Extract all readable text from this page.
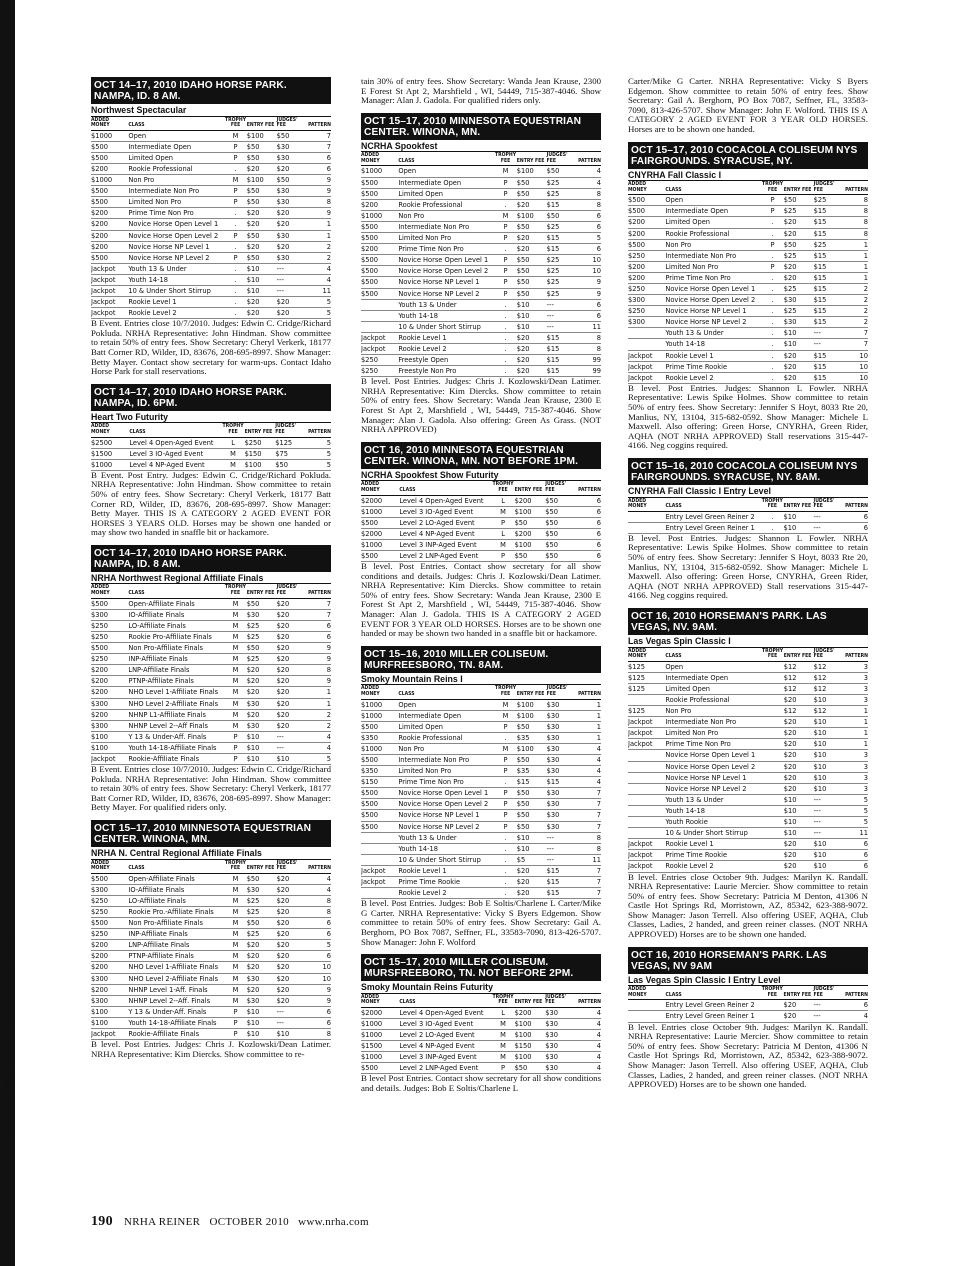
SHOW APPROVALS
OCT 14–17, 2010 IDAHO HORSE PARK. NAMPA, ID. 8 AM.
Northwest Spectacular
ADDED MONEY	CLASS	TROPHY FEE	ENTRY FEE	JUDGES' FEE	PATTERN
$1000	Open	M	$100	$50	7
$500	Intermediate Open	P	$50	$30	7
$500	Limited Open	P	$50	$30	6
$200	Rookie Professional	.	$20	$20	6
$1000	Non Pro	M	$100	$50	9
$500	Intermediate Non Pro	P	$50	$30	9
$500	Limited Non Pro	P	$50	$30	8
$200	Prime Time Non Pro	.	$20	$20	9
$200	Novice Horse Open Level 1	.	$20	$20	1
$200	Novice Horse Open Level 2	P	$50	$30	1
$200	Novice Horse NP Level 1	.	$20	$20	2
$500	Novice Horse NP Level 2	P	$50	$30	2
Jackpot	Youth 13 & Under	.	$10	---	4
Jackpot	Youth 14-18	.	$10	---	4
Jackpot	10 & Under Short Stirrup	.	$10	---	11
Jackpot	Rookie Level 1	.	$20	$20	5
Jackpot	Rookie Level 2	.	$20	$20	5

B Event. Entries close 10/7/2010. Judges: Edwin C. Cridge/Richard Pokluda. NRHA Representative: John Hindman. Show committee to retain 50% of entry fees. Show Secretary: Cheryl Verkerk, 18177 Batt Corner RD, Wilder, ID, 83676, 208-695-8997. Show Manager: Betty Mayer. Contact show secretary for warm-ups. Contact Idaho Horse Park for stall reservations.

OCT 14–17, 2010 IDAHO HORSE PARK. NAMPA, ID. 6PM.
Heart Two Futurity
ADDED MONEY	CLASS	TROPHY FEE	ENTRY FEE	JUDGES' FEE	PATTERN
$2500	Level 4 Open-Aged Event	L	$250	$125	5
$1500	Level 3 IO-Aged Event	M	$150	$75	5
$1000	Level 4 NP-Aged Event	M	$100	$50	5

B Event. Post Entry. Judges: Edwin C. Cridge/Richard Pokluda. NRHA Representative: John Hindman. Show committee to retain 50% of entry fees. Show Secretary: Cheryl Verkerk, 18177 Batt Corner RD, Wilder, ID, 83676, 208-695-8997. Show Manager: Betty Mayer. THIS IS A CATEGORY 2 AGED EVENT FOR HORSES 3 YEARS OLD. Horses may be shown one handed or may show two handed in snaffle bit or hackamore.

OCT 14–17, 2010 IDAHO HORSE PARK. NAMPA, ID. 8 AM.
NRHA Northwest Regional Affiliate Finals
ADDED MONEY	CLASS	TROPHY FEE	ENTRY FEE	JUDGES' FEE	PATTERN
$500	Open-Affiliate Finals	M	$50	$20	7
$300	IO-Affiliate Finals	M	$30	$20	7
$250	LO-Affiliate Finals	M	$25	$20	6
$250	Rookie Pro-Affiliate Finals	M	$25	$20	6
$500	Non Pro-Affiliate Finals	M	$50	$20	9
$250	INP-Affiliate Finals	M	$25	$20	9
$200	LNP-Affiliate Finals	M	$20	$20	8
$200	PTNP-Affiliate Finals	M	$20	$20	9
$200	NHO Level 1-Affiliate Finals	M	$20	$20	1
$300	NHO Level 2-Affiliate Finals	M	$30	$20	1
$200	NHNP L1-Affiliate Finals	M	$20	$20	2
$300	NHNP Level 2--Aff Finals	M	$30	$20	2
$100	Y 13 & Under-Aff. Finals	P	$10	---	4
$100	Youth 14-18-Affiliate Finals	P	$10	---	4
Jackpot	Rookie-Affiliate Finals	P	$10	$10	5

B Event. Entries close 10/7/2010. Judges: Edwin C. Cridge/Richard Pokluda. NRHA Representative: John Hindman. Show committee to retain 30% of entry fees. Show Secretary: Cheryl Verkerk, 18177 Batt Corner RD, Wilder, ID, 83676, 208-695-8997. Show Manager: Betty Mayer. For qualified riders only.

OCT 15–17, 2010 MINNESOTA EQUESTRIAN CENTER. WINONA, MN.
NRHA N. Central Regional Affiliate Finals
ADDED MONEY	CLASS	TROPHY FEE	ENTRY FEE	JUDGES' FEE	PATTERN
$500	Open-Affiliate Finals	M	$50	$20	4
$300	IO-Affiliate Finals	M	$30	$20	4
$250	LO-Affiliate Finals	M	$25	$20	8
$250	Rookie Pro.-Affiliate Finals	M	$25	$20	8
$500	Non Pro-Affiliate Finals	M	$50	$20	6
$250	INP-Affiliate Finals	M	$25	$20	6
$200	LNP-Affiliate Finals	M	$20	$20	5
$200	PTNP-Affiliate Finals	M	$20	$20	6
$200	NHO Level 1-Affiliate Finals	M	$20	$20	10
$300	NHO Level 2-Affiliate Finals	M	$30	$20	10
$200	NHNP Level 1-Aff. Finals	M	$20	$20	9
$300	NHNP Level 2--Aff. Finals	M	$30	$20	9
$100	Y 13 & Under-Aff. Finals	P	$10	---	6
$100	Youth 14-18-Affiliate Finals	P	$10	---	6
Jackpot	Rookie-Affiliate Finals	P	$10	$10	8

B level. Post Entries. Judges: Chris J. Kozlowski/Dean Latimer. NRHA Representative: Kim Diercks. Show committee to re-

tain 30% of entry fees. Show Secretary: Wanda Jean Krause, 2300 E Forest St Apt 2, Marshfield , WI, 54449, 715-387-4046. Show Manager: Alan J. Gadola. For qualified riders only.

OCT 15–17, 2010 MINNESOTA EQUESTRIAN CENTER. WINONA, MN.
NCRHA Spookfest
ADDED MONEY	CLASS	TROPHY FEE	ENTRY FEE	JUDGES' FEE	PATTERN
$1000	Open	M	$100	$50	4
$500	Intermediate Open	P	$50	$25	4
$500	Limited Open	P	$50	$25	8
$200	Rookie Professional	.	$20	$15	8
$1000	Non Pro	M	$100	$50	6
$500	Intermediate Non Pro	P	$50	$25	6
$500	Limited Non Pro	P	$20	$15	5
$200	Prime Time Non Pro	.	$20	$15	6
$500	Novice Horse Open Level 1	P	$50	$25	10
$500	Novice Horse Open Level 2	P	$50	$25	10
$500	Novice Horse NP Level 1	P	$50	$25	9
$500	Novice Horse NP Level 2	P	$50	$25	9
	Youth 13 & Under	.	$10	---	6
	Youth 14-18	.	$10	---	6
	10 & Under Short Stirrup	.	$10	---	11
Jackpot	Rookie Level 1	.	$20	$15	8
Jackpot	Rookie Level 2	.	$20	$15	8
$250	Freestyle Open	.	$20	$15	99
$250	Freestyle Non Pro	.	$20	$15	99

B level. Post Entries. Judges: Chris J. Kozlowski/Dean Latimer. NRHA Representative: Kim Diercks. Show committee to retain 50% of entry fees. Show Secretary: Wanda Jean Krause, 2300 E Forest St Apt 2, Marshfield , WI, 54449, 715-387-4046. Show Manager: Alan J. Gadola. Also offering: Green As Grass. (NOT NRHA APPROVED)

OCT 16, 2010 MINNESOTA EQUESTRIAN CENTER. WINONA, MN. NOT BEFORE 1PM.
NCRHA Spookfest Show Futurity
ADDED MONEY	CLASS	TROPHY FEE	ENTRY FEE	JUDGES' FEE	PATTERN
$2000	Level 4 Open-Aged Event	L	$200	$50	6
$1000	Level 3 IO-Aged Event	M	$100	$50	6
$500	Level 2 LO-Aged Event	P	$50	$50	6
$2000	Level 4 NP-Aged Event	L	$200	$50	6
$1000	Level 3 INP-Aged Event	M	$100	$50	6
$500	Level 2 LNP-Aged Event	P	$50	$50	6

B level. Post Entries. Contact show secretary for all show conditions and details. Judges: Chris J. Kozlowski/Dean Latimer. NRHA Representative: Kim Diercks. Show committee to retain 50% of entry fees. Show Secretary: Wanda Jean Krause, 2300 E Forest St Apt 2, Marshfield , WI, 54449, 715-387-4046. Show Manager: Alan J. Gadola. THIS IS A CATEGORY 2 AGED EVENT FOR 3 YEAR OLD HORSES. Horses are to be shown one handed or may be shown two handed in a snaffle bit or hackamore.

OCT 15–16, 2010 MILLER COLISEUM. MURFREESBORO, TN. 8AM.
Smoky Mountain Reins I
ADDED MONEY	CLASS	TROPHY FEE	ENTRY FEE	JUDGES' FEE	PATTERN
$1000	Open	M	$100	$30	1
$1000	Intermediate Open	M	$100	$30	1
$500	Limited Open	P	$50	$30	1
$350	Rookie Professional	.	$35	$30	1
$1000	Non Pro	M	$100	$30	4
$500	Intermediate Non Pro	P	$50	$30	4
$350	Limited Non Pro	P	$35	$30	4
$150	Prime Time Non Pro	.	$15	$15	4
$500	Novice Horse Open Level 1	P	$50	$30	7
$500	Novice Horse Open Level 2	P	$50	$30	7
$500	Novice Horse NP Level 1	P	$50	$30	7
$500	Novice Horse NP Level 2	P	$50	$30	7
	Youth 13 & Under	.	$10	---	8
	Youth 14-18	.	$10	---	8
	10 & Under Short Stirrup	.	$5	---	11
Jackpot	Rookie Level 1	.	$20	$15	7
Jackpot	Prime Time Rookie	.	$20	$15	7
	Rookie Level 2	.	$20	$15	7

B level. Post Entries. Judges: Bob E Soltis/Charlene L Carter/Mike G Carter. NRHA Representative: Vicky S Byers Edgemon. Show committee to retain 50% of entry fees. Show Secretary: Gail A. Berghorn, PO Box 7087, Seffner, FL, 33583-7090, 813-426-5707. Show Manager: John F. Wolford

OCT 15–17, 2010 MILLER COLISEUM. MURSFREEBORO, TN. NOT BEFORE 2PM.
Smoky Mountain Reins Futurity
ADDED MONEY	CLASS	TROPHY FEE	ENTRY FEE	JUDGES' FEE	PATTERN
$2000	Level 4 Open-Aged Event	L	$200	$30	4
$1000	Level 3 IO-Aged Event	M	$100	$30	4
$1000	Level 2 LO-Aged Event	M	$100	$30	4
$1500	Level 4 NP-Aged Event	M	$150	$30	4
$1000	Level 3 INP-Aged Event	M	$100	$30	4
$500	Level 2 LNP-Aged Event	P	$50	$30	4

B level Post Entries. Contact show secretary for all show conditions and details. Judges: Bob E Soltis/Charlene L

Carter/Mike G Carter. NRHA Representative: Vicky S Byers Edgemon. Show committee to retain 50% of entry fees. Show Secretary: Gail A. Berghorn, PO Box 7087, Seffner, FL, 33583-7090, 813-426-5707. Show Manager: John F. Wolford. THIS IS A CATEGORY 2 AGED EVENT FOR 3 YEAR OLD HORSES. Horses are to be shown one handed.

OCT 15–17, 2010 COCACOLA COLISEUM NYS FAIRGROUNDS. SYRACUSE, NY.
CNYRHA Fall Classic I
ADDED MONEY	CLASS	TROPHY FEE	ENTRY FEE	JUDGES' FEE	PATTERN
$500	Open	P	$50	$25	8
$500	Intermediate Open	P	$25	$15	8
$200	Limited Open	.	$20	$15	8
$200	Rookie Professional	.	$20	$15	8
$500	Non Pro	P	$50	$25	1
$250	Intermediate Non Pro	.	$25	$15	1
$200	Limited Non Pro	P	$20	$15	1
$200	Prime Time Non Pro	.	$20	$15	1
$250	Novice Horse Open Level 1	.	$25	$15	2
$300	Novice Horse Open Level 2	.	$30	$15	2
$250	Novice Horse NP Level 1	.	$25	$15	2
$300	Novice Horse NP Level 2	.	$30	$15	2
	Youth 13 & Under	.	$10	---	7
	Youth 14-18	.	$10	---	7
Jackpot	Rookie Level 1	.	$20	$15	10
Jackpot	Prime Time Rookie	.	$20	$15	10
Jackpot	Rookie Level 2	.	$20	$15	10

B level. Post Entries. Judges: Shannon L Fowler. NRHA Representative: Lewis Spike Holmes. Show committee to retain 50% of entry fees. Show Secretary: Jennifer S Hoyt, 8033 Rte 20, Manlius, NY, 13104, 315-682-0592. Show Manager: Michele L Maxwell. Also offering: Green Horse, CNYRHA, Green Rider, AQHA (NOT NRHA APPROVED) Stall reservations 315-447-4166. Neg coggins required.

OCT 15–16, 2010 COCACOLA COLISEUM NYS FAIRGROUNDS. SYRACUSE, NY. 8AM.
CNYRHA Fall Classic I Entry Level
ADDED MONEY	CLASS	TROPHY FEE	ENTRY FEE	JUDGES' FEE	PATTERN
	Entry Level Green Reiner 2	.	$10	---	6
	Entry Level Green Reiner 1	.	$10	---	6

B level. Post Entries. Judges: Shannon L Fowler. NRHA Representative: Lewis Spike Holmes. Show committee to retain 50% of entry fees. Show Secretary: Jennifer S Hoyt, 8033 Rte 20, Manlius, NY, 13104, 315-682-0592. Show Manager: Michele L Maxwell. Also offering: Green Horse, CNYRHA, Green Rider, AQHA (NOT NRHA APPROVED) Stall reservations 315-447-4166. Neg coggins required.

OCT 16, 2010 HORSEMAN'S PARK. LAS VEGAS, NV. 9AM.
Las Vegas Spin Classic I
ADDED MONEY	CLASS	TROPHY FEE	ENTRY FEE	JUDGES' FEE	PATTERN
$125	Open		$12	$12	3
$125	Intermediate Open		$12	$12	3
$125	Limited Open		$12	$12	3
	Rookie Professional		$20	$10	3
$125	Non Pro		$12	$12	1
Jackpot	Intermediate Non Pro		$20	$10	1
Jackpot	Limited Non Pro		$20	$10	1
Jackpot	Prime Time Non Pro		$20	$10	1
	Novice Horse Open Level 1		$20	$10	3
	Novice Horse Open Level 2		$20	$10	3
	Novice Horse NP Level 1		$20	$10	3
	Novice Horse NP Level 2		$20	$10	3
	Youth 13 & Under		$10	---	5
	Youth 14-18		$10	---	5
	Youth Rookie		$10	---	5
	10 & Under Short Stirrup		$10	---	11
Jackpot	Rookie Level 1		$20	$10	6
Jackpot	Prime Time Rookie		$20	$10	6
Jackpot	Rookie Level 2		$20	$10	6

B level. Entries close October 9th. Judges: Marilyn K. Randall. NRHA Representative: Laurie Mercier. Show committee to retain 50% of entry fees. Show Secretary: Patricia M Denton, 41306 N Castle Hot Springs Rd, Morristown, AZ, 85342, 623-388-9072. Show Manager: Jason Terrell. Also offering USEF, AQHA, Club Classes, Ladies, 2 handed, and green reiner classes. (NOT NRHA APPROVED) Horses are to be shown one handed.

OCT 16, 2010 HORSEMAN'S PARK. LAS VEGAS, NV 9AM
Las Vegas Spin Classic I Entry Level
ADDED MONEY	CLASS	TROPHY FEE	ENTRY FEE	JUDGES' FEE	PATTERN
	Entry Level Green Reiner 2		$20	---	6
	Entry Level Green Reiner 1		$20	---	4

B level. Entries close October 9th. Judges: Marilyn K. Randall. NRHA Representative: Laurie Mercier. Show committee to retain 50% of entry fees. Show Secretary: Patricia M Denton, 41306 N Castle Hot Springs Rd, Morristown, AZ, 85342, 623-388-9072. Show Manager: Jason Terrell. Also offering USEF, AQHA, Club Classes, Ladies, 2 handed, and green reiner classes. (NOT NRHA APPROVED) Horses are to be shown one handed.

190 NRHA REINER OCTOBER 2010 www.nrha.com
